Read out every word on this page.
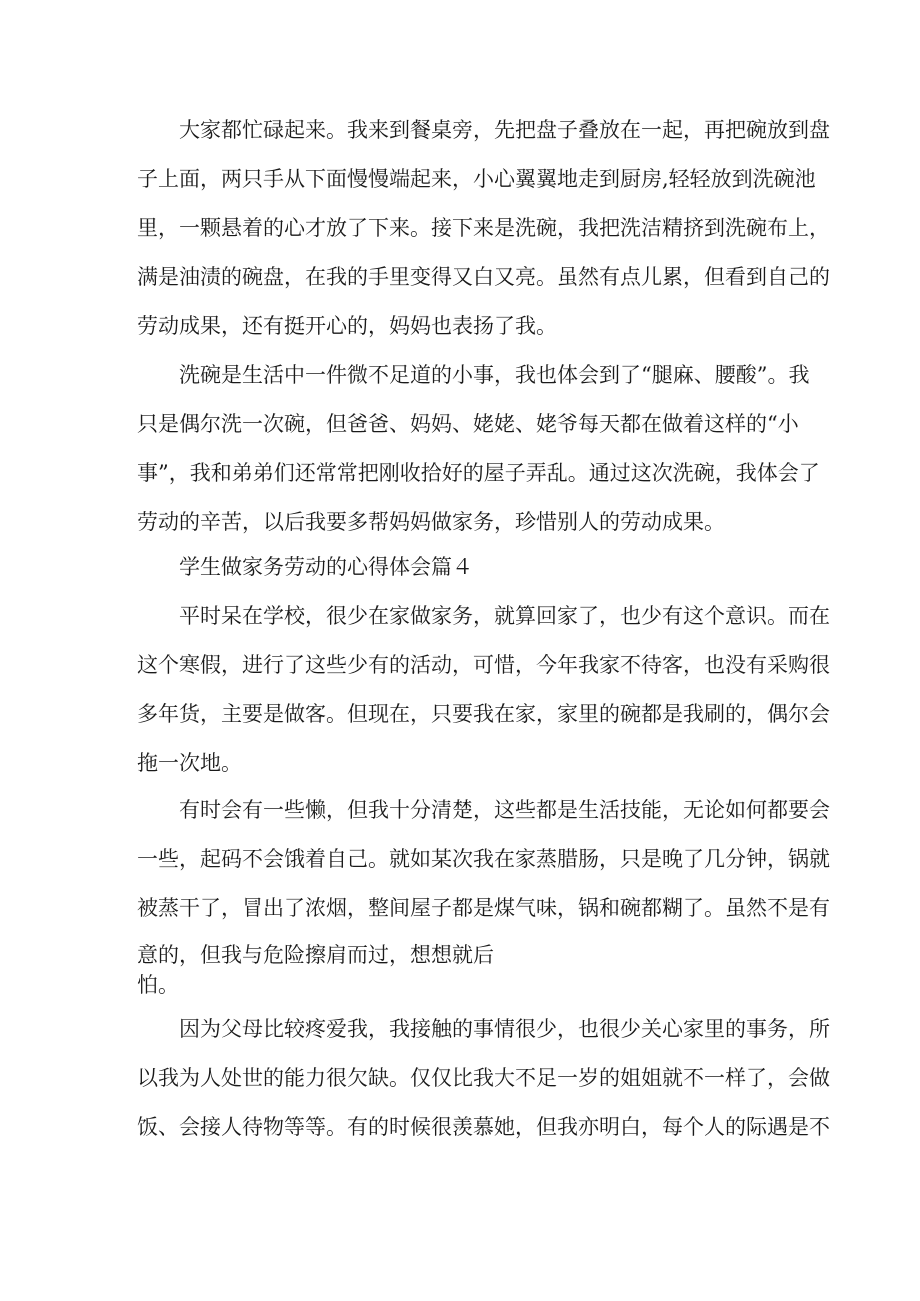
大家都忙碌起来。我来到餐桌旁，先把盘子叠放在一起，再把碗放到盘
子上面，两只手从下面慢慢端起来，小心翼翼地走到厨房,轻轻放到洗碗池
里，一颗悬着的心才放了下来。接下来是洗碗，我把洗洁精挤到洗碗布上，
满是油渍的碗盘，在我的手里变得又白又亮。虽然有点儿累，但看到自己的
劳动成果，还有挺开心的，妈妈也表扬了我。
洗碗是生活中一件微不足道的小事，我也体会到了“腿麻、腰酸”。我
只是偶尔洗一次碗，但爸爸、妈妈、姥姥、姥爷每天都在做着这样的“小
事”，我和弟弟们还常常把刚收拾好的屋子弄乱。通过这次洗碗，我体会了
劳动的辛苦，以后我要多帮妈妈做家务，珍惜别人的劳动成果。
学生做家务劳动的心得体会篇４
平时呆在学校，很少在家做家务，就算回家了，也少有这个意识。而在
这个寒假，进行了这些少有的活动，可惜，今年我家不待客，也没有采购很
多年货，主要是做客。但现在，只要我在家，家里的碗都是我刷的，偶尔会
拖一次地。
有时会有一些懒，但我十分清楚，这些都是生活技能，无论如何都要会
一些，起码不会饿着自己。就如某次我在家蒸腊肠，只是晚了几分钟，锅就
被蒸干了，冒出了浓烟，整间屋子都是煤气味，锅和碗都糊了。虽然不是有
意的，但我与危险擦肩而过，想想就后
怕。
因为父母比较疼爱我，我接触的事情很少，也很少关心家里的事务，所
以我为人处世的能力很欠缺。仅仅比我大不足一岁的姐姐就不一样了，会做
饭、会接人待物等等。有的时候很羡慕她，但我亦明白，每个人的际遇是不
